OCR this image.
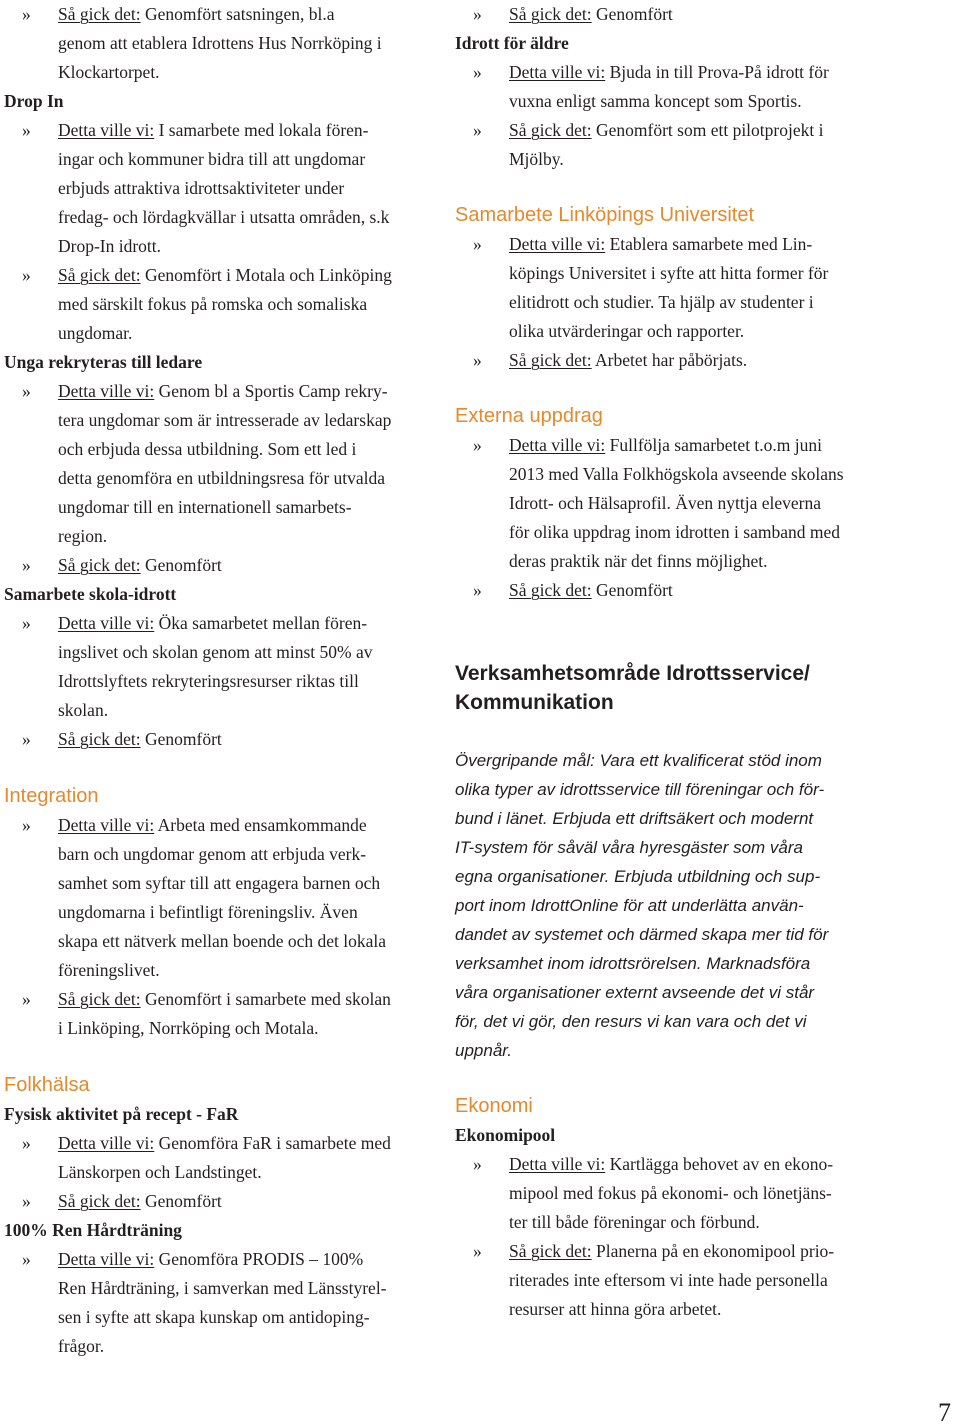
» Så gick det: Genomfört satsningen, bl.a
genom att etablera Idrottens Hus Norrköping i
Klockartorpet.
Drop In
» Detta ville vi: I samarbete med lokala fören-
ingar och kommuner bidra till att ungdomar
erbjuds attraktiva idrottsaktiviteter under
fredag- och lördagkvällar i utsatta områden, s.k
Drop-In idrott.
» Så gick det: Genomfört i Motala och Linköping
med särskilt fokus på romska och somaliska
ungdomar.
Unga rekryteras till ledare
» Detta ville vi: Genom bl a Sportis Camp rekry-
tera ungdomar som är intresserade av ledarskap
och erbjuda dessa utbildning. Som ett led i
detta genomföra en utbildningsresa för utvalda
ungdomar till en internationell samarbets-
region.
» Så gick det: Genomfört
Samarbete skola-idrott
» Detta ville vi: Öka samarbetet mellan fören-
ingslivet och skolan genom att minst 50% av
Idrottslyftets rekryteringsresurser riktas till
skolan.
» Så gick det: Genomfört
Integration
» Detta ville vi: Arbeta med ensamkommande
barn och ungdomar genom att erbjuda verk-
samhet som syftar till att engagera barnen och
ungdomarna i befintligt föreningsliv. Även
skapa ett nätverk mellan boende och det lokala
föreningslivet.
» Så gick det: Genomfört i samarbete med skolan
i Linköping, Norrköping och Motala.
Folkhälsa
Fysisk aktivitet på recept - FaR
» Detta ville vi: Genomföra FaR i samarbete med
Länskorpen och Landstinget.
» Så gick det: Genomfört
100% Ren Hårdträning
» Detta ville vi: Genomföra PRODIS – 100%
Ren Hårdträning, i samverkan med Länsstyrel-
sen i syfte att skapa kunskap om antidoping-
frågor.
» Så gick det: Genomfört
Idrott för äldre
» Detta ville vi: Bjuda in till Prova-På idrott för
vuxna enligt samma koncept som Sportis.
» Så gick det: Genomfört som ett pilotprojekt i
Mjölby.
Samarbete Linköpings Universitet
» Detta ville vi: Etablera samarbete med Lin-
köpings Universitet i syfte att hitta former för
elitidrott och studier. Ta hjälp av studenter i
olika utvärderingar och rapporter.
» Så gick det: Arbetet har påbörjats.
Externa uppdrag
» Detta ville vi: Fullfölja samarbetet t.o.m juni
2013 med Valla Folkhögskola avseende skolans
Idrott- och Hälsaprofil. Även nyttja eleverna
för olika uppdrag inom idrotten i samband med
deras praktik när det finns möjlighet.
» Så gick det: Genomfört
Verksamhetsområde Idrottsservice/
Kommunikation
Övergripande mål: Vara ett kvalificerat stöd inom
olika typer av idrottsservice till föreningar och för-
bund i länet. Erbjuda ett driftsäkert och modernt
IT-system för såväl våra hyresgäster som våra
egna organisationer. Erbjuda utbildning och sup-
port inom IdrottOnline för att underlätta använ-
dandet av systemet och därmed skapa mer tid för
verksamhet inom idrottsrörelsen. Marknadsföra
våra organisationer externt avseende det vi står
för, det vi gör, den resurs vi kan vara och det vi
uppnår.
Ekonomi
Ekonomipool
» Detta ville vi: Kartlägga behovet av en ekono-
mipool med fokus på ekonomi- och lönetjäns-
ter till både föreningar och förbund.
» Så gick det: Planerna på en ekonomipool prio-
riterades inte eftersom vi inte hade personella
resurser att hinna göra arbetet.
7
